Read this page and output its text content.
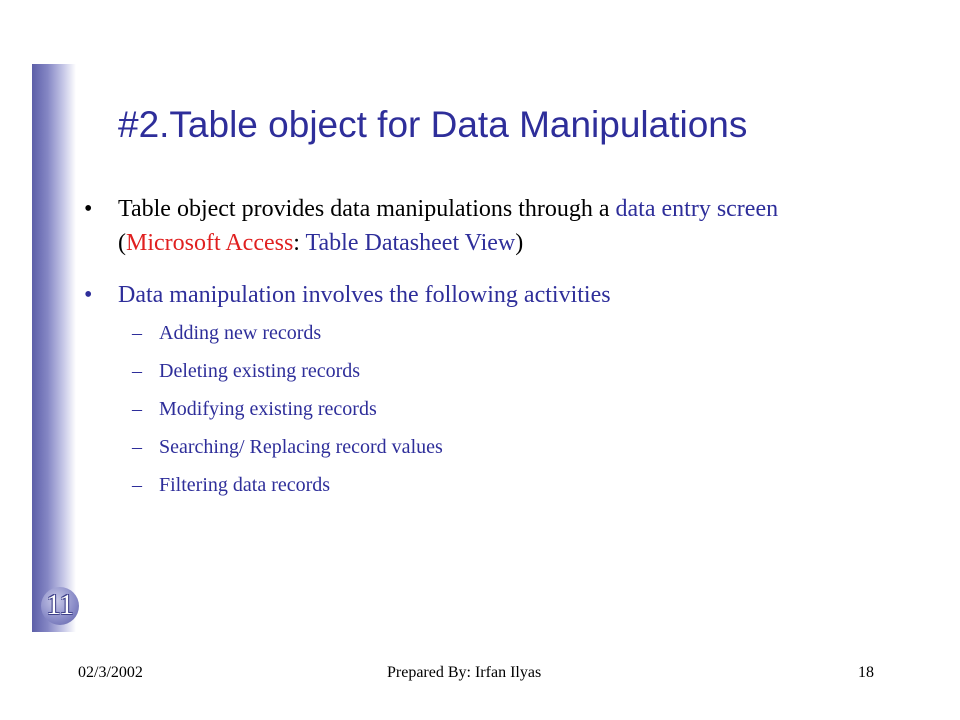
11
#2.Table object for Data Manipulations
• Table object provides data manipulations through a data entry screen (Microsoft Access: Table Datasheet View)
• Data manipulation involves the following activities
– Adding new records
– Deleting existing records
– Modifying existing records
– Searching/ Replacing record values
– Filtering data records
02/3/2002	Prepared By: Irfan Ilyas	18
